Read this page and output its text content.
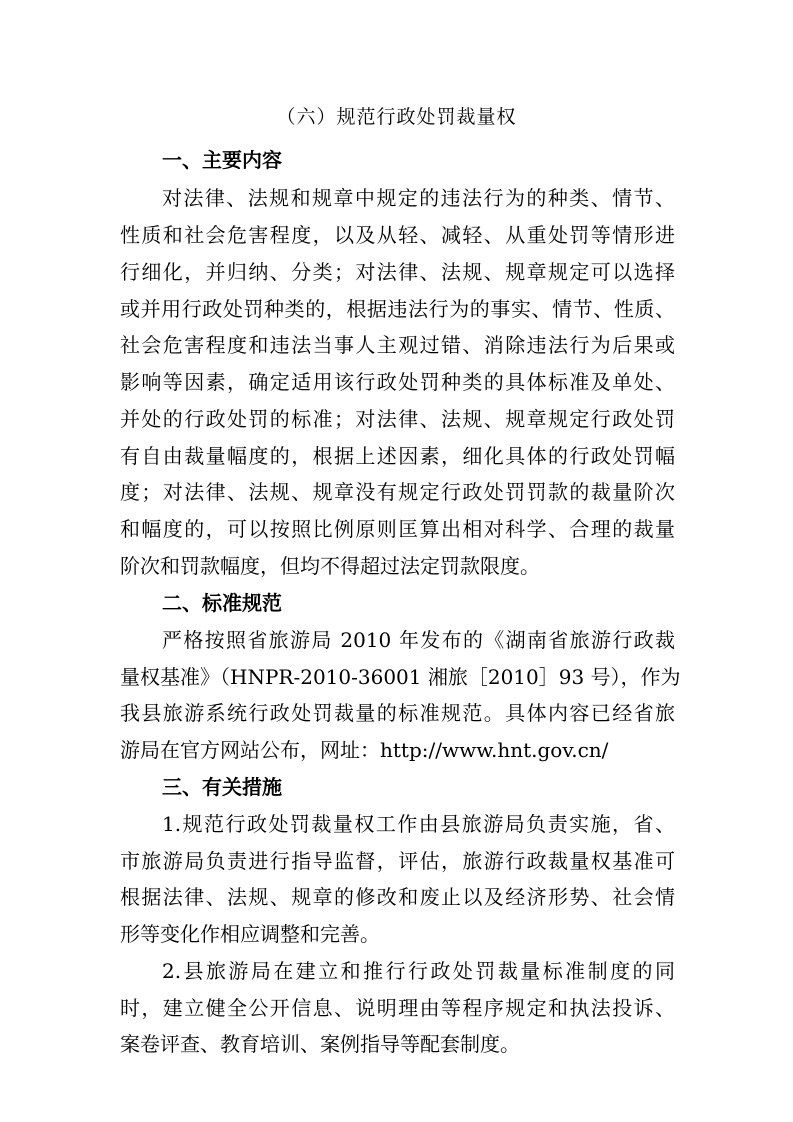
（六）规范行政处罚裁量权
一、主要内容
对法律、法规和规章中规定的违法行为的种类、情节、
性质和社会危害程度，以及从轻、减轻、从重处罚等情形进
行细化，并归纳、分类；对法律、法规、规章规定可以选择
或并用行政处罚种类的，根据违法行为的事实、情节、性质、
社会危害程度和违法当事人主观过错、消除违法行为后果或
影响等因素，确定适用该行政处罚种类的具体标准及单处、
并处的行政处罚的标准；对法律、法规、规章规定行政处罚
有自由裁量幅度的，根据上述因素，细化具体的行政处罚幅
度；对法律、法规、规章没有规定行政处罚罚款的裁量阶次
和幅度的，可以按照比例原则匡算出相对科学、合理的裁量
阶次和罚款幅度，但均不得超过法定罚款限度。
二、标准规范
严格按照省旅游局 2010 年发布的《湖南省旅游行政裁
量权基准》（HNPR-2010-36001 湘旅［2010］93 号），作为
我县旅游系统行政处罚裁量的标准规范。具体内容已经省旅
游局在官方网站公布，网址：http://www.hnt.gov.cn/
三、有关措施
1.规范行政处罚裁量权工作由县旅游局负责实施，省、
市旅游局负责进行指导监督，评估，旅游行政裁量权基准可
根据法律、法规、规章的修改和废止以及经济形势、社会情
形等变化作相应调整和完善。
2.县旅游局在建立和推行行政处罚裁量标准制度的同
时，建立健全公开信息、说明理由等程序规定和执法投诉、
案卷评查、教育培训、案例指导等配套制度。
